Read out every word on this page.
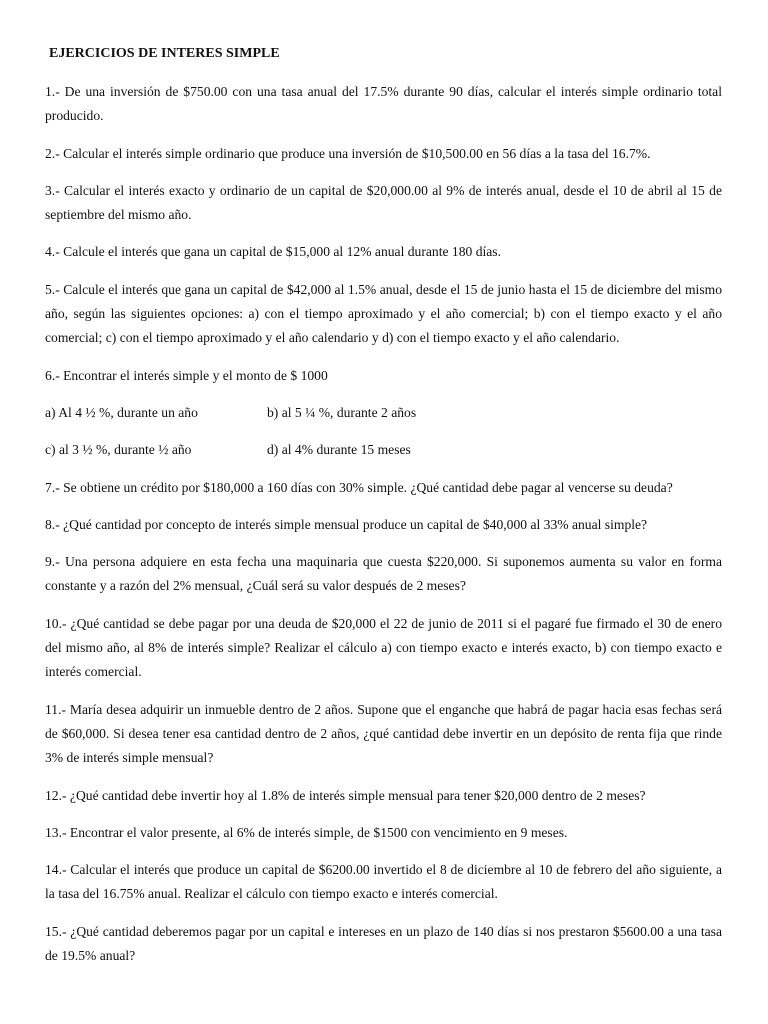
EJERCICIOS DE INTERES SIMPLE

1.- De una inversión de $750.00 con una tasa anual del 17.5% durante 90 días, calcular el interés simple ordinario total producido.

2.- Calcular el interés simple ordinario que produce una inversión de $10,500.00 en 56 días a la tasa del 16.7%.

3.- Calcular el interés exacto y ordinario de un capital de $20,000.00 al 9% de interés anual, desde el 10 de abril al 15 de septiembre del mismo año.

4.- Calcule el interés que gana un capital de $15,000 al 12% anual durante 180 días.

5.- Calcule el interés que gana un capital de $42,000 al 1.5% anual, desde el 15 de junio hasta el 15 de diciembre del mismo año, según las siguientes opciones: a) con el tiempo aproximado y el año comercial; b) con el tiempo exacto y el año comercial; c) con el tiempo aproximado y el año calendario y d) con el tiempo exacto y el año calendario.

6.- Encontrar el interés simple y el monto de $ 1000

a) Al 4 ½ %, durante un año	b) al 5 ¼ %, durante 2 años
c) al 3 ½ %, durante ½ año	d) al 4% durante 15 meses

7.- Se obtiene un crédito por $180,000 a 160 días con 30% simple. ¿Qué cantidad debe pagar al vencerse su deuda?

8.- ¿Qué cantidad por concepto de interés simple mensual produce un capital de $40,000 al 33% anual simple?

9.- Una persona adquiere en esta fecha una maquinaria que cuesta $220,000. Si suponemos aumenta su valor en forma constante y a razón del 2% mensual, ¿Cuál será su valor después de 2 meses?

10.- ¿Qué cantidad se debe pagar por una deuda de $20,000 el 22 de junio de 2011 si el pagaré fue firmado el 30 de enero del mismo año, al 8% de interés simple? Realizar el cálculo a) con tiempo exacto e interés exacto, b) con tiempo exacto e interés comercial.

11.- María desea adquirir un inmueble dentro de 2 años. Supone que el enganche que habrá de pagar hacia esas fechas será de $60,000. Si desea tener esa cantidad dentro de 2 años, ¿qué cantidad debe invertir en un depósito de renta fija que rinde 3% de interés simple mensual?

12.- ¿Qué cantidad debe invertir hoy al 1.8% de interés simple mensual para tener $20,000 dentro de 2 meses?

13.- Encontrar el valor presente, al 6% de interés simple, de $1500 con vencimiento en 9 meses.

14.- Calcular el interés que produce un capital de $6200.00 invertido el 8 de diciembre al 10 de febrero del año siguiente, a la tasa del 16.75% anual. Realizar el cálculo con tiempo exacto e interés comercial.

15.- ¿Qué cantidad deberemos pagar por un capital e intereses en un plazo de 140 días si nos prestaron $5600.00 a una tasa de 19.5% anual?
